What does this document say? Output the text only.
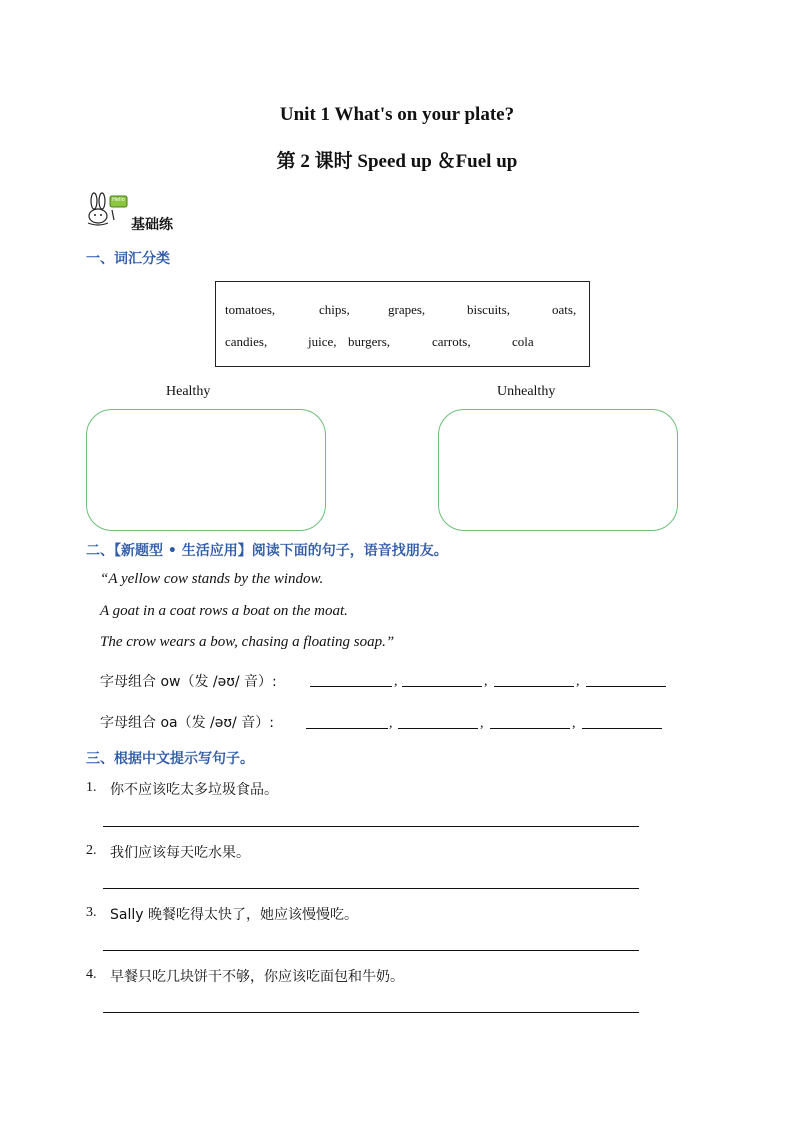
Unit 1 What's on your plate?
第 2 课时 Speed up ＆Fuel up
Hello
基础练
一、词汇分类
tomatoes,	chips,	grapes,	biscuits,	oats,
candies,	juice, burgers,	carrots,	cola
Healthy	Unhealthy
二、【新题型 • 生活应用】阅读下面的句子，语音找朋友。
“A yellow cow stands by the window.
A goat in a coat rows a boat on the moat.
The crow wears a bow, chasing a floating soap.”
字母组合 ow（发 /əʊ/ 音）:	,	,	,
字母组合 oa（发 /əʊ/ 音）:	,	,	,
三、根据中文提示写句子。
1. 你不应该吃太多垃圾食品。
2. 我们应该每天吃水果。
3. Sally 晚餐吃得太快了，她应该慢慢吃。
4. 早餐只吃几块饼干不够，你应该吃面包和牛奶。
